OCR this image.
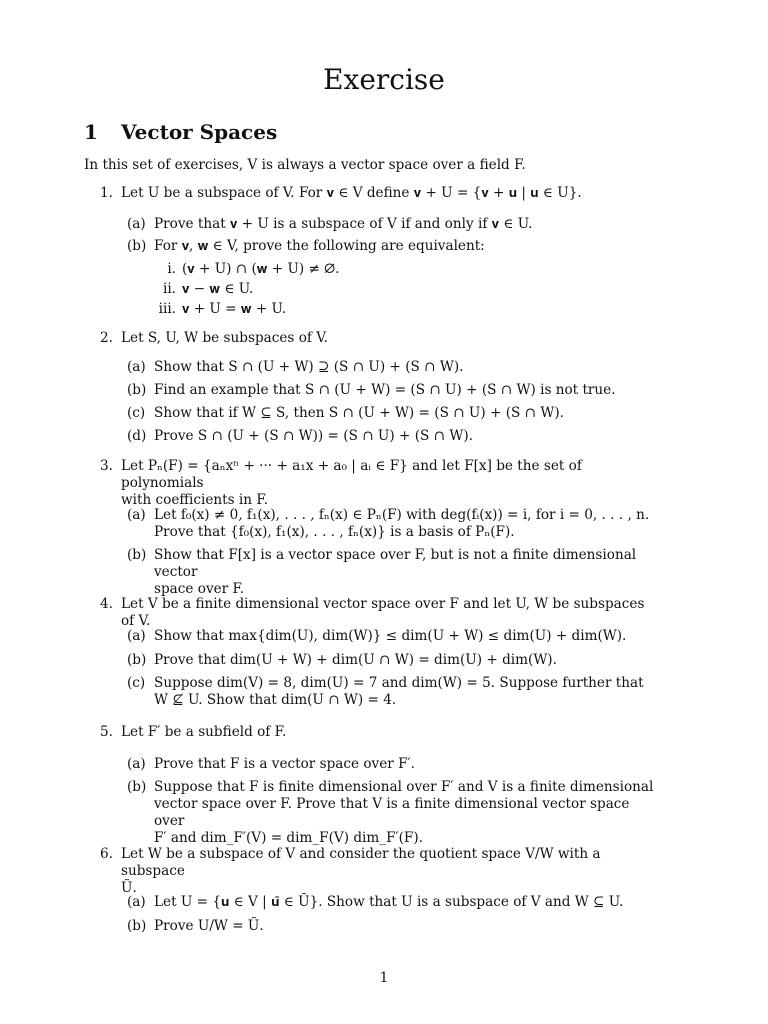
Exercise
1 Vector Spaces
In this set of exercises, V is always a vector space over a field F.
1. Let U be a subspace of V. For 𝐯 ∈ V define 𝐯 + U = {𝐯 + 𝐮 | 𝐮 ∈ U}.
(a) Prove that 𝐯 + U is a subspace of V if and only if 𝐯 ∈ U.
(b) For 𝐯, 𝐰 ∈ V, prove the following are equivalent:
i. (𝐯 + U) ∩ (𝐰 + U) ≠ ∅.
ii. 𝐯 − 𝐰 ∈ U.
iii. 𝐯 + U = 𝐰 + U.
2. Let S, U, W be subspaces of V.
(a) Show that S ∩ (U + W) ⊇ (S ∩ U) + (S ∩ W).
(b) Find an example that S ∩ (U + W) = (S ∩ U) + (S ∩ W) is not true.
(c) Show that if W ⊆ S, then S ∩ (U + W) = (S ∩ U) + (S ∩ W).
(d) Prove S ∩ (U + (S ∩ W)) = (S ∩ U) + (S ∩ W).
3. Let Pₙ(F) = {aₙxⁿ + ··· + a₁x + a₀ | aᵢ ∈ F} and let F[x] be the set of polynomials
with coefficients in F.
(a) Let f₀(x) ≠ 0, f₁(x), . . . , fₙ(x) ∈ Pₙ(F) with deg(fᵢ(x)) = i, for i = 0, . . . , n.
Prove that {f₀(x), f₁(x), . . . , fₙ(x)} is a basis of Pₙ(F).
(b) Show that F[x] is a vector space over F, but is not a finite dimensional vector
space over F.
4. Let V be a finite dimensional vector space over F and let U, W be subspaces of V.
(a) Show that max{dim(U), dim(W)} ≤ dim(U + W) ≤ dim(U) + dim(W).
(b) Prove that dim(U + W) + dim(U ∩ W) = dim(U) + dim(W).
(c) Suppose dim(V) = 8, dim(U) = 7 and dim(W) = 5. Suppose further that
W ⊈ U. Show that dim(U ∩ W) = 4.
5. Let F′ be a subfield of F.
(a) Prove that F is a vector space over F′.
(b) Suppose that F is finite dimensional over F′ and V is a finite dimensional
vector space over F. Prove that V is a finite dimensional vector space over
F′ and dim_F′(V) = dim_F(V) dim_F′(F).
6. Let W be a subspace of V and consider the quotient space V/W with a subspace
Ũ.
(a) Let U = {𝐮 ∈ V | 𝐮̄ ∈ Ũ}. Show that U is a subspace of V and W ⊆ U.
(b) Prove U/W = Ũ.
1
